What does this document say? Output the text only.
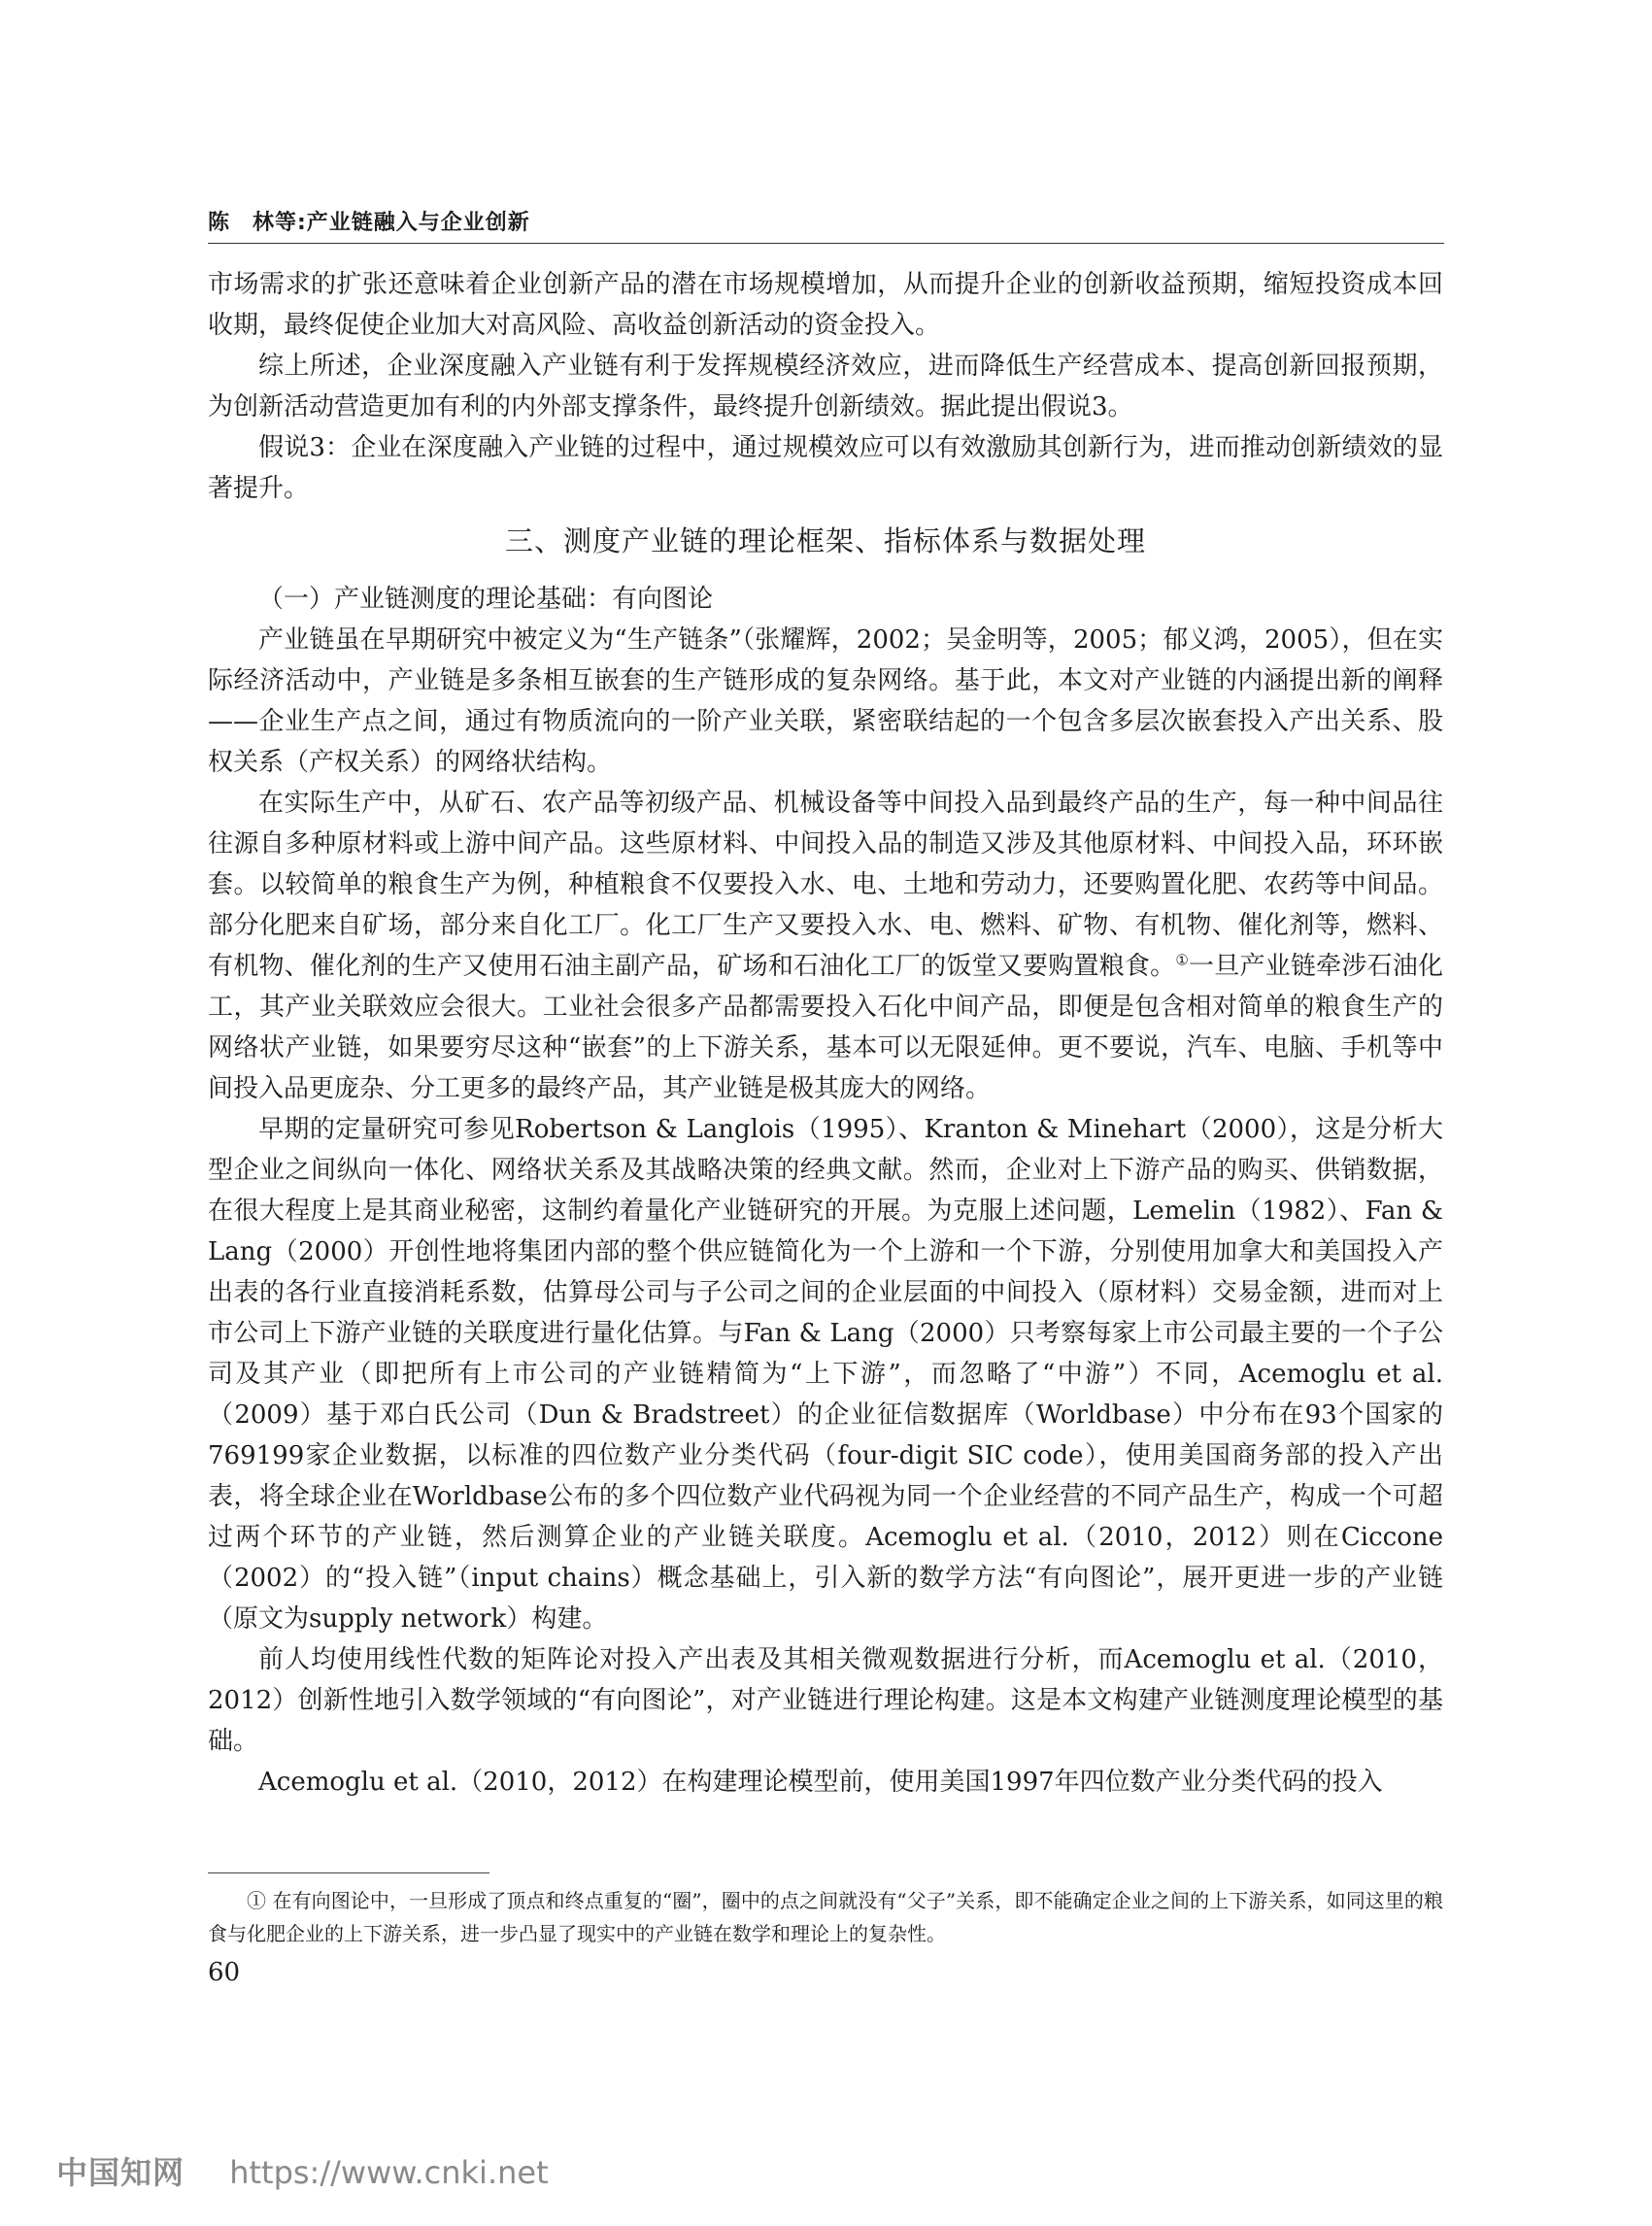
陈　林等:产业链融入与企业创新

市场需求的扩张还意味着企业创新产品的潜在市场规模增加，从而提升企业的创新收益预期，缩短投资成本回收期，最终促使企业加大对高风险、高收益创新活动的资金投入。

综上所述，企业深度融入产业链有利于发挥规模经济效应，进而降低生产经营成本、提高创新回报预期，为创新活动营造更加有利的内外部支撑条件，最终提升创新绩效。据此提出假说3。

假说3：企业在深度融入产业链的过程中，通过规模效应可以有效激励其创新行为，进而推动创新绩效的显著提升。

三、测度产业链的理论框架、指标体系与数据处理
（一）产业链测度的理论基础：有向图论

产业链虽在早期研究中被定义为“生产链条”（张耀辉，2002；吴金明等，2005；郁义鸿，2005），但在实际经济活动中，产业链是多条相互嵌套的生产链形成的复杂网络。基于此，本文对产业链的内涵提出新的阐释——企业生产点之间，通过有物质流向的一阶产业关联，紧密联结起的一个包含多层次嵌套投入产出关系、股权关系（产权关系）的网络状结构。

在实际生产中，从矿石、农产品等初级产品、机械设备等中间投入品到最终产品的生产，每一种中间品往往源自多种原材料或上游中间产品。这些原材料、中间投入品的制造又涉及其他原材料、中间投入品，环环嵌套。以较简单的粮食生产为例，种植粮食不仅要投入水、电、土地和劳动力，还要购置化肥、农药等中间品。部分化肥来自矿场，部分来自化工厂。化工厂生产又要投入水、电、燃料、矿物、有机物、催化剂等，燃料、有机物、催化剂的生产又使用石油主副产品，矿场和石油化工厂的饭堂又要购置粮食。①一旦产业链牵涉石油化工，其产业关联效应会很大。工业社会很多产品都需要投入石化中间产品，即便是包含相对简单的粮食生产的网络状产业链，如果要穷尽这种“嵌套”的上下游关系，基本可以无限延伸。更不要说，汽车、电脑、手机等中间投入品更庞杂、分工更多的最终产品，其产业链是极其庞大的网络。

早期的定量研究可参见Robertson & Langlois（1995）、Kranton & Minehart（2000），这是分析大型企业之间纵向一体化、网络状关系及其战略决策的经典文献。然而，企业对上下游产品的购买、供销数据，在很大程度上是其商业秘密，这制约着量化产业链研究的开展。为克服上述问题，Lemelin（1982）、Fan & Lang（2000）开创性地将集团内部的整个供应链简化为一个上游和一个下游，分别使用加拿大和美国投入产出表的各行业直接消耗系数，估算母公司与子公司之间的企业层面的中间投入（原材料）交易金额，进而对上市公司上下游产业链的关联度进行量化估算。与Fan & Lang（2000）只考察每家上市公司最主要的一个子公司及其产业（即把所有上市公司的产业链精简为“上下游”，而忽略了“中游”）不同，Acemoglu et al.（2009）基于邓白氏公司（Dun & Bradstreet）的企业征信数据库（Worldbase）中分布在93个国家的769199家企业数据，以标准的四位数产业分类代码（four-digit SIC code），使用美国商务部的投入产出表，将全球企业在Worldbase公布的多个四位数产业代码视为同一个企业经营的不同产品生产，构成一个可超过两个环节的产业链，然后测算企业的产业链关联度。Acemoglu et al.（2010，2012）则在Ciccone（2002）的“投入链”（input chains）概念基础上，引入新的数学方法“有向图论”，展开更进一步的产业链（原文为supply network）构建。

前人均使用线性代数的矩阵论对投入产出表及其相关微观数据进行分析，而Acemoglu et al.（2010，2012）创新性地引入数学领域的“有向图论”，对产业链进行理论构建。这是本文构建产业链测度理论模型的基础。

Acemoglu et al.（2010，2012）在构建理论模型前，使用美国1997年四位数产业分类代码的投入

① 在有向图论中，一旦形成了顶点和终点重复的“圈”，圈中的点之间就没有“父子”关系，即不能确定企业之间的上下游关系，如同这里的粮食与化肥企业的上下游关系，进一步凸显了现实中的产业链在数学和理论上的复杂性。
60
中国知网 https://www.cnki.net
